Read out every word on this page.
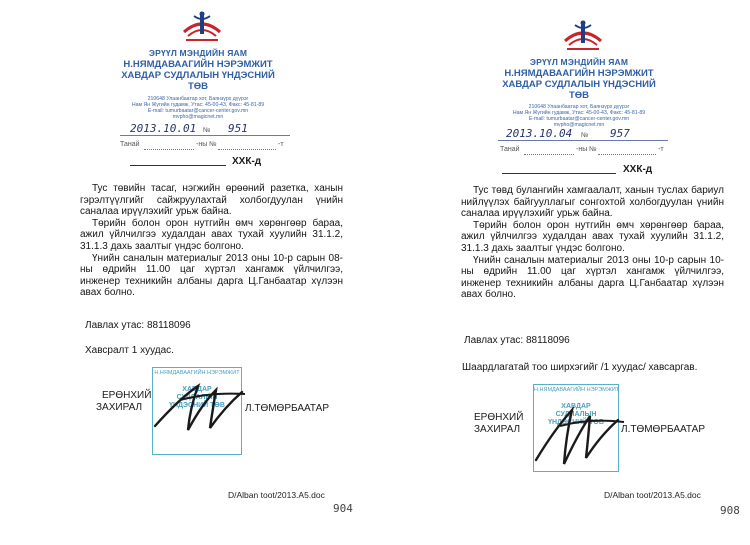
ЭРҮҮЛ МЭНДИЙН ЯАМ
Н.НЯМДАВААГИЙН НЭРЭМЖИТ
ХАВДАР СУДЛАЛЫН ҮНДЭСНИЙ
ТӨВ
210648 Улаанбаатар хот, Баянзүрх дүүрэг
Нам Ян Жүгийн гудамж, Утас: 45-00-43, Факс: 45-81-89
E-mail: tumurbaatar@cancer-center.gov.mn
mvpho@magicnet.mn
2013.10.01 № 951
Танай	-ны №	-т
ХХК-д

Тус төвийн тасаг, нэгжийн өрөөний разетка, ханын гэрэлтүүлгийг сайжруулахтай холбогдуулан үнийн саналаа ирүүлэхийг урьж байна.

Төрийн болон орон нутгийн өмч хөрөнгөөр бараа, ажил үйлчилгээ худалдан авах тухай хуулийн 31.1.2, 31.1.3 дахь заалтыг үндэс болгоно.

Үнийн саналын материалыг 2013 оны 10-р сарын 08-ны өдрийн 11.00 цаг хүртэл хангамж үйлчилгээ, инженер техникийн албаны дарга Ц.Ганбаатар хүлээн авах болно.

Лавлах утас: 88118096
Хавсралт 1 хуудас.
Н.НЯМДАВААГИЙН НЭРЭМЖИТ
ХАВДАР
СУДЛАЛЫН
ҮНДЭСНИЙ ТӨВ
ЕРӨНХИЙ
ЗАХИРАЛ	Л.ТӨМӨРБААТАР
D/Alban toot/2013.A5.doc
904
ЭРҮҮЛ МЭНДИЙН ЯАМ
Н.НЯМДАВААГИЙН НЭРЭМЖИТ
ХАВДАР СУДЛАЛЫН ҮНДЭСНИЙ
ТӨВ
210648 Улаанбаатар хот, Баянзүрх дүүрэг
Нам Ян Жүгийн гудамж, Утас: 45-00-43, Факс: 45-81-89
E-mail: tumurbaatar@cancer-center.gov.mn
mvpho@magicnet.mn
2013.10.04 № 957
Танай	-ны №	-т
ХХК-д

Тус төвд булангийн хамгаалалт, ханын туслах бариул нийлүүлэх байгууллагыг сонгохтой холбогдуулан үнийн саналаа ирүүлэхийг урьж байна.

Төрийн болон орон нутгийн өмч хөрөнгөөр бараа, ажил үйлчилгээ худалдан авах тухай хуулийн 31.1.2, 31.1.3 дахь заалтыг үндэс болгоно.

Үнийн саналын материалыг 2013 оны 10-р сарын 10-ны өдрийн 11.00 цаг хүртэл хангамж үйлчилгээ, инженер техникийн албаны дарга Ц.Ганбаатар хүлээн авах болно.

Лавлах утас: 88118096
Шаардлагатай тоо ширхэгийг /1 хуудас/ хавсаргав.
Н.НЯМДАВААГИЙН НЭРЭМЖИТ
ХАВДАР
СУДЛАЛЫН
ҮНДЭСНИЙ ТӨВ
ЕРӨНХИЙ
ЗАХИРАЛ	Л.ТӨМӨРБААТАР
D/Alban toot/2013.A5.doc
908
